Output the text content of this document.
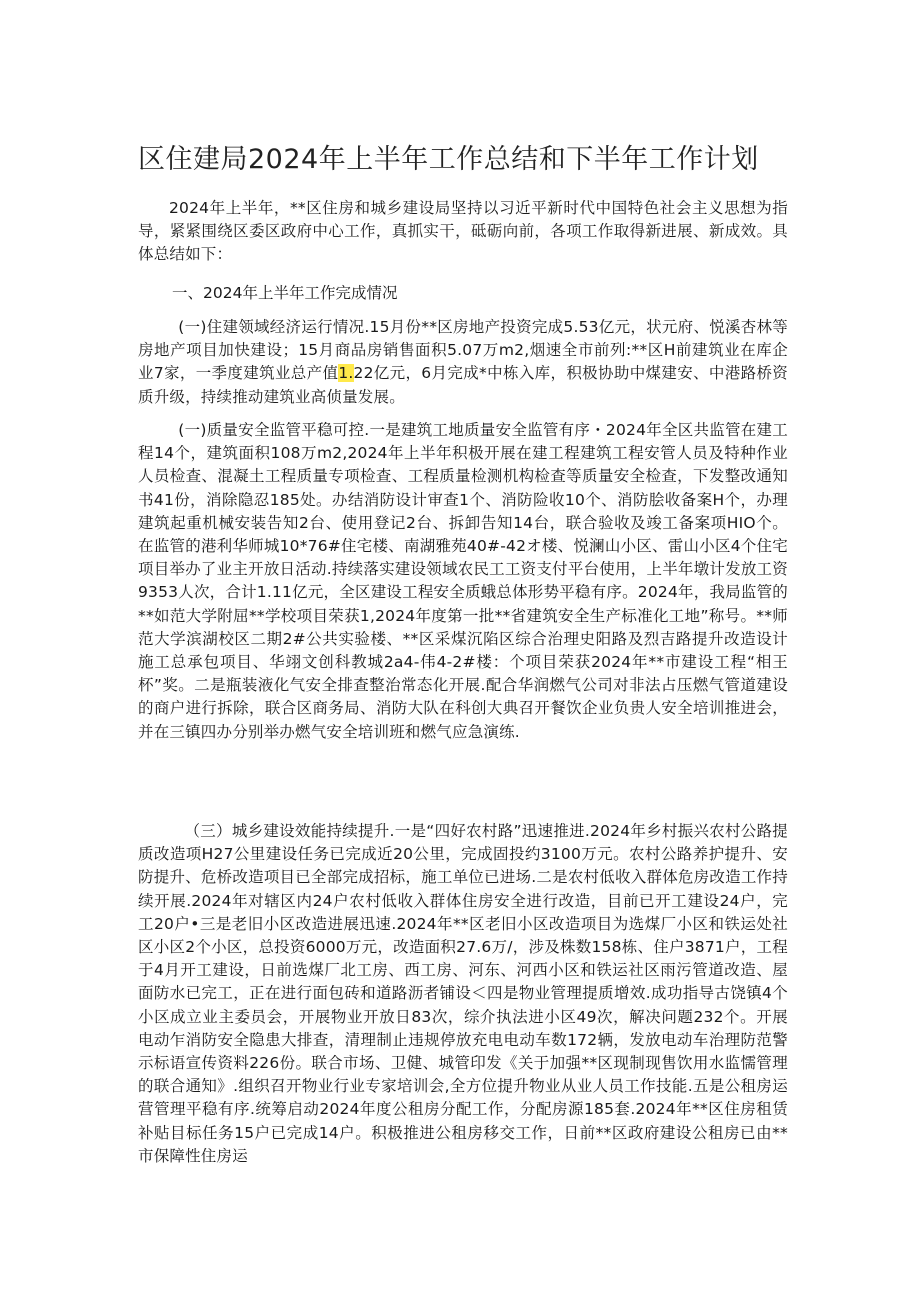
区住建局2024年上半年工作总结和下半年工作计划

2024年上半年，**区住房和城乡建设局坚持以习近平新时代中国特色社会主义思想为指导，紧紧围绕区委区政府中心工作，真抓实干，砥砺向前，各项工作取得新进展、新成效。具体总结如下：

一、2024年上半年工作完成情况

(一)住建领域经济运行情况.15月份**区房地产投资完成5.53亿元，状元府、悦溪杏林等房地产项目加快建设；15月商品房销售面积5.07万m2,烟速全市前列:**区H前建筑业在库企业7家，一季度建筑业总产值1.22亿元，6月完成*中栋入库，积极协助中煤建安、中港路桥资质升级，持续推动建筑业高侦量发展。

(一)质量安全监管平稳可控.一是建筑工地质量安全监管有序・2024年全区共监管在建工程14个，建筑面积108万m2,2024年上半年积极开展在建工程建筑工程安管人员及特种作业人员检查、混凝土工程质量专项检查、工程质量检测机构检查等质量安全检查，下发整改通知书41份，消除隐忍185处。办结消防设计审查1个、消防险收10个、消防脍收备案H个，办理建筑起重机械安装告知2台、使用登记2台、拆卸告知14台，联合验收及竣工备案项HIO个。在监管的港利华师城10*76#住宅楼、南湖雅苑40#-42オ楼、悦澜山小区、雷山小区4个住宅项目举办了业主开放日活动.持续落实建设领域农民工工资支付平台使用，上半年墩计发放工资9353人次，合计1.11亿元，全区建设工程安全质蛾总体形势平稳有序。2024年，我局监管的**如范大学附屈**学校项目荣获1,2024年度第一批**省建筑安全生产标准化工地”称号。**师范大学滨湖校区二期2#公共实验楼、**区采煤沉陷区综合治理史阳路及烈吉路提升改造设计施工总承包项目、华翊文创科教城2a4-伟4-2#楼：个项目荣获2024年**市建设工程“相王杯”奖。二是瓶装液化气安全排查整治常态化开展.配合华润燃气公司对非法占压燃气管道建设的商户进行拆除，联合区商务局、消防大队在科创大典召开餐饮企业负贵人安全培训推进会，并在三镇四办分别举办燃气安全培训班和燃气应急演练.

（三）城乡建设效能持续提升.一是“四好农村路”迅速推进.2024年乡村振兴农村公路提质改造项H27公里建设任务已完成近20公里，完成固投约3100万元。农村公路养护提升、安防提升、危桥改造项目已全部完成招标，施工单位已进场.二是农村低收入群体危房改造工作持续开展.2024年对辖区内24户农村低收入群体住房安全进行改造，目前已开工建设24户，完工20户•三是老旧小区改造进展迅速.2024年**区老旧小区改造项目为选煤厂小区和铁运处社区小区2个小区，总投资6000万元，改造面积27.6万/，涉及株数158栋、住户3871户，工程于4月开工建设，日前选煤厂北工房、西工房、河东、河西小区和铁运社区雨污管道改造、屋面防水已完工，正在进行面包砖和道路沥者铺设＜四是物业管理提质增效.成功指导古饶镇4个小区成立业主委员会，开展物业开放日83次，综介执法进小区49次，解决问题232个。开展电动乍消防安全隐患大排查，清理制止违规停放充电电动车数172辆，发放电动车治理防范警示标语宣传资料226份。联合市场、卫健、城管印发《关于加强**区现制现售饮用水监懦管理的联合通知》.组织召开物业行业专家培训会,全方位提升物业从业人员工作技能.五是公租房运营管理平稳有序.统筹启动2024年度公租房分配工作，分配房源185套.2024年**区住房租赁补贴目标任务15户已完成14户。积极推进公租房移交工作，日前**区政府建设公租房已由**市保障性住房运
